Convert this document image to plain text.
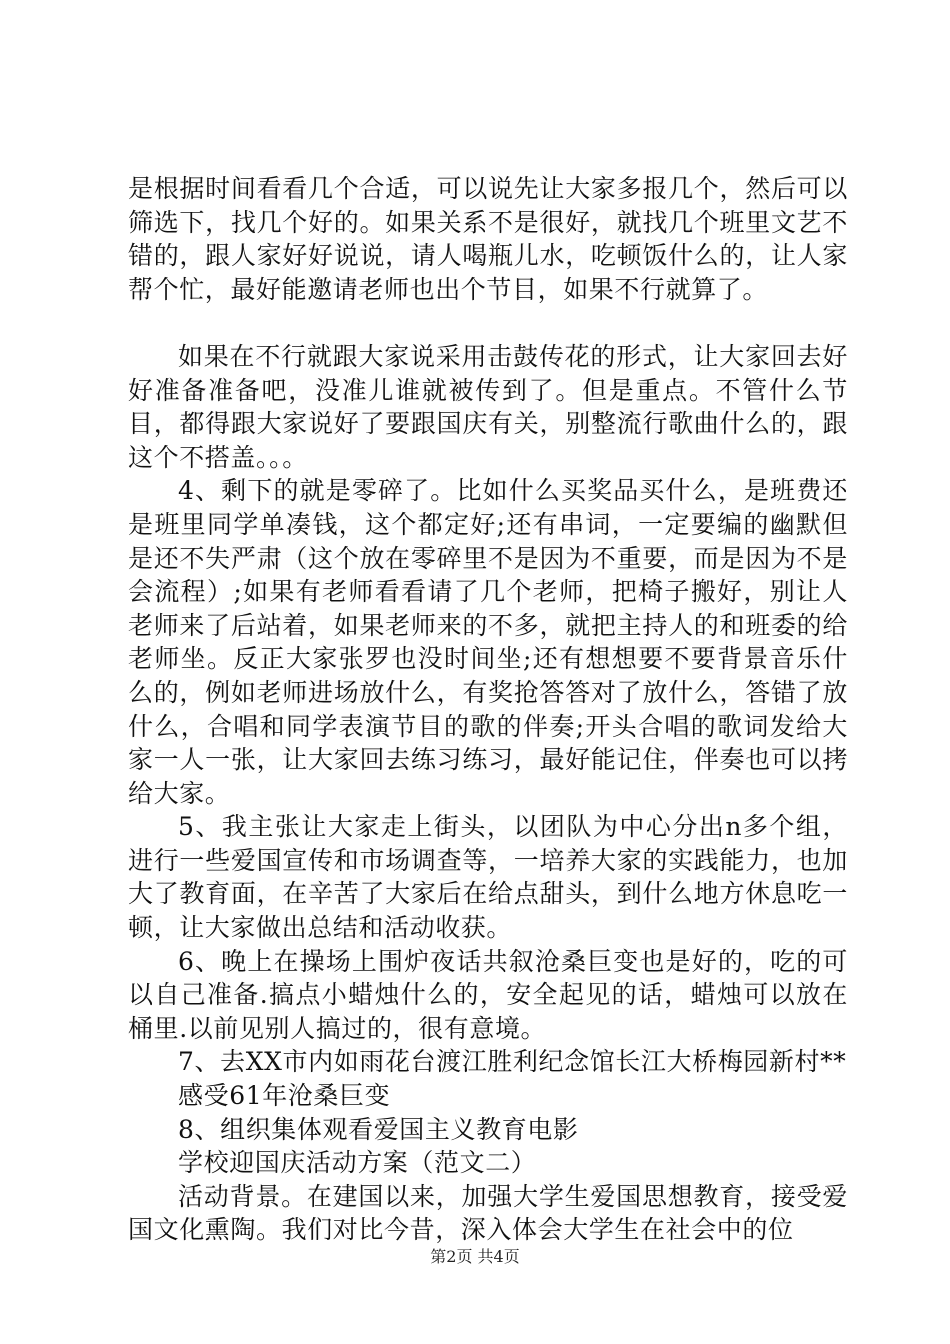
是根据时间看看几个合适，可以说先让大家多报几个，然后可以筛选下，找几个好的。如果关系不是很好，就找几个班里文艺不错的，跟人家好好说说，请人喝瓶儿水，吃顿饭什么的，让人家帮个忙，最好能邀请老师也出个节目，如果不行就算了。

如果在不行就跟大家说采用击鼓传花的形式，让大家回去好好准备准备吧，没准儿谁就被传到了。但是重点。不管什么节目，都得跟大家说好了要跟国庆有关，别整流行歌曲什么的，跟这个不搭盖。。。

4、剩下的就是零碎了。比如什么买奖品买什么，是班费还是班里同学单凑钱，这个都定好;还有串词，一定要编的幽默但是还不失严肃（这个放在零碎里不是因为不重要，而是因为不是会流程）;如果有老师看看请了几个老师，把椅子搬好，别让人老师来了后站着，如果老师来的不多，就把主持人的和班委的给老师坐。反正大家张罗也没时间坐;还有想想要不要背景音乐什么的，例如老师进场放什么，有奖抢答答对了放什么，答错了放什么，合唱和同学表演节目的歌的伴奏;开头合唱的歌词发给大家一人一张，让大家回去练习练习，最好能记住，伴奏也可以拷给大家。

5、我主张让大家走上街头，以团队为中心分出n多个组，进行一些爱国宣传和市场调查等，一培养大家的实践能力，也加大了教育面，在辛苦了大家后在给点甜头，到什么地方休息吃一顿，让大家做出总结和活动收获。

6、晚上在操场上围炉夜话共叙沧桑巨变也是好的，吃的可以自己准备.搞点小蜡烛什么的，安全起见的话，蜡烛可以放在桶里.以前见别人搞过的，很有意境。

7、去XX市内如雨花台渡江胜利纪念馆长江大桥梅园新村**

感受61年沧桑巨变

8、组织集体观看爱国主义教育电影

学校迎国庆活动方案（范文二）

活动背景。在建国以来，加强大学生爱国思想教育，接受爱国文化熏陶。我们对比今昔，深入体会大学生在社会中的位

第2页 共4页
